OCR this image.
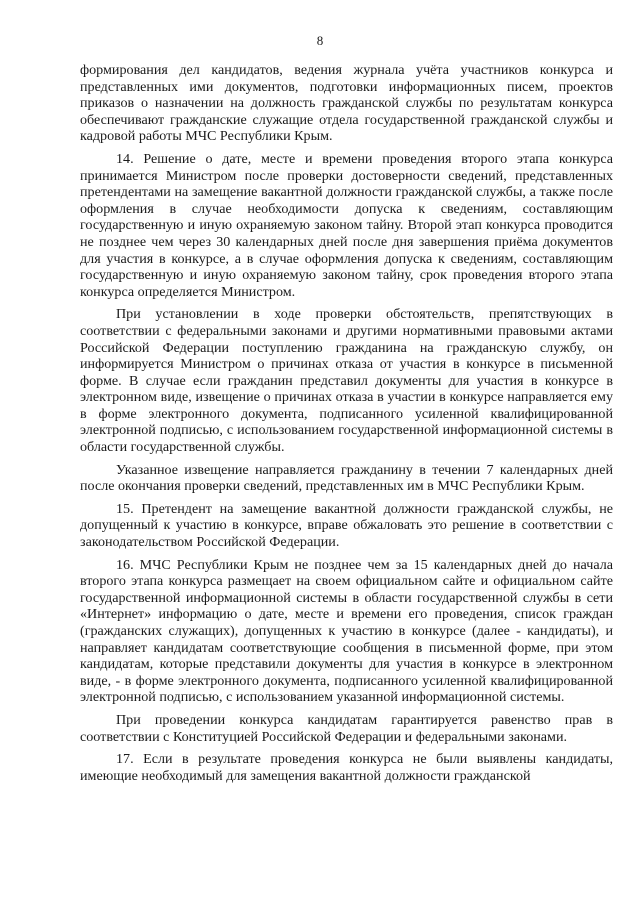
8

формирования дел кандидатов, ведения журнала учёта участников конкурса и представленных ими документов, подготовки информационных писем, проектов приказов о назначении на должность гражданской службы по результатам конкурса обеспечивают гражданские служащие отдела государственной гражданской службы и кадровой работы МЧС Республики Крым.

14. Решение о дате, месте и времени проведения второго этапа конкурса принимается Министром после проверки достоверности сведений, представленных претендентами на замещение вакантной должности гражданской службы, а также после оформления в случае необходимости допуска к сведениям, составляющим государственную и иную охраняемую законом тайну. Второй этап конкурса проводится не позднее чем через 30 календарных дней после дня завершения приёма документов для участия в конкурсе, а в случае оформления допуска к сведениям, составляющим государственную и иную охраняемую законом тайну, срок проведения второго этапа конкурса определяется Министром.

При установлении в ходе проверки обстоятельств, препятствующих в соответствии с федеральными законами и другими нормативными правовыми актами Российской Федерации поступлению гражданина на гражданскую службу, он информируется Министром о причинах отказа от участия в конкурсе в письменной форме. В случае если гражданин представил документы для участия в конкурсе в электронном виде, извещение о причинах отказа в участии в конкурсе направляется ему в форме электронного документа, подписанного усиленной квалифицированной электронной подписью, с использованием государственной информационной системы в области государственной службы.

Указанное извещение направляется гражданину в течении 7 календарных дней после окончания проверки сведений, представленных им в МЧС Республики Крым.

15. Претендент на замещение вакантной должности гражданской службы, не допущенный к участию в конкурсе, вправе обжаловать это решение в соответствии с законодательством Российской Федерации.

16. МЧС Республики Крым не позднее чем за 15 календарных дней до начала второго этапа конкурса размещает на своем официальном сайте и официальном сайте государственной информационной системы в области государственной службы в сети «Интернет» информацию о дате, месте и времени его проведения, список граждан (гражданских служащих), допущенных к участию в конкурсе (далее - кандидаты), и направляет кандидатам соответствующие сообщения в письменной форме, при этом кандидатам, которые представили документы для участия в конкурсе в электронном виде, - в форме электронного документа, подписанного усиленной квалифицированной электронной подписью, с использованием указанной информационной системы.

При проведении конкурса кандидатам гарантируется равенство прав в соответствии с Конституцией Российской Федерации и федеральными законами.

17. Если в результате проведения конкурса не были выявлены кандидаты, имеющие необходимый для замещения вакантной должности гражданской
